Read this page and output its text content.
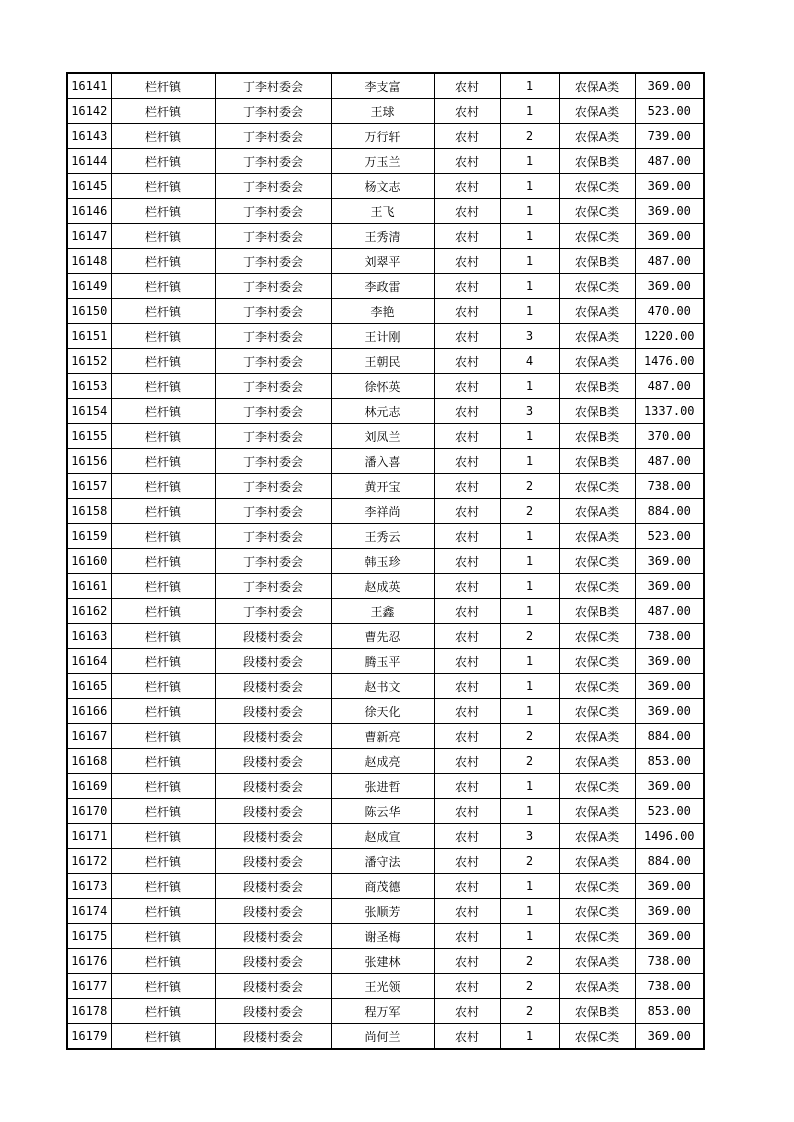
16141	栏杆镇	丁李村委会	李支富	农村	1	农保A类	369.00
16142	栏杆镇	丁李村委会	王球	农村	1	农保A类	523.00
16143	栏杆镇	丁李村委会	万行轩	农村	2	农保A类	739.00
16144	栏杆镇	丁李村委会	万玉兰	农村	1	农保B类	487.00
16145	栏杆镇	丁李村委会	杨文志	农村	1	农保C类	369.00
16146	栏杆镇	丁李村委会	王飞	农村	1	农保C类	369.00
16147	栏杆镇	丁李村委会	王秀清	农村	1	农保C类	369.00
16148	栏杆镇	丁李村委会	刘翠平	农村	1	农保B类	487.00
16149	栏杆镇	丁李村委会	李政雷	农村	1	农保C类	369.00
16150	栏杆镇	丁李村委会	李艳	农村	1	农保A类	470.00
16151	栏杆镇	丁李村委会	王计刚	农村	3	农保A类	1220.00
16152	栏杆镇	丁李村委会	王朝民	农村	4	农保A类	1476.00
16153	栏杆镇	丁李村委会	徐怀英	农村	1	农保B类	487.00
16154	栏杆镇	丁李村委会	林元志	农村	3	农保B类	1337.00
16155	栏杆镇	丁李村委会	刘凤兰	农村	1	农保B类	370.00
16156	栏杆镇	丁李村委会	潘入喜	农村	1	农保B类	487.00
16157	栏杆镇	丁李村委会	黄开宝	农村	2	农保C类	738.00
16158	栏杆镇	丁李村委会	李祥尚	农村	2	农保A类	884.00
16159	栏杆镇	丁李村委会	王秀云	农村	1	农保A类	523.00
16160	栏杆镇	丁李村委会	韩玉珍	农村	1	农保C类	369.00
16161	栏杆镇	丁李村委会	赵成英	农村	1	农保C类	369.00
16162	栏杆镇	丁李村委会	王鑫	农村	1	农保B类	487.00
16163	栏杆镇	段楼村委会	曹先忍	农村	2	农保C类	738.00
16164	栏杆镇	段楼村委会	腾玉平	农村	1	农保C类	369.00
16165	栏杆镇	段楼村委会	赵书文	农村	1	农保C类	369.00
16166	栏杆镇	段楼村委会	徐天化	农村	1	农保C类	369.00
16167	栏杆镇	段楼村委会	曹新亮	农村	2	农保A类	884.00
16168	栏杆镇	段楼村委会	赵成亮	农村	2	农保A类	853.00
16169	栏杆镇	段楼村委会	张进哲	农村	1	农保C类	369.00
16170	栏杆镇	段楼村委会	陈云华	农村	1	农保A类	523.00
16171	栏杆镇	段楼村委会	赵成宣	农村	3	农保A类	1496.00
16172	栏杆镇	段楼村委会	潘守法	农村	2	农保A类	884.00
16173	栏杆镇	段楼村委会	商茂德	农村	1	农保C类	369.00
16174	栏杆镇	段楼村委会	张顺芳	农村	1	农保C类	369.00
16175	栏杆镇	段楼村委会	谢圣梅	农村	1	农保C类	369.00
16176	栏杆镇	段楼村委会	张建林	农村	2	农保A类	738.00
16177	栏杆镇	段楼村委会	王光领	农村	2	农保A类	738.00
16178	栏杆镇	段楼村委会	程万军	农村	2	农保B类	853.00
16179	栏杆镇	段楼村委会	尚何兰	农村	1	农保C类	369.00
